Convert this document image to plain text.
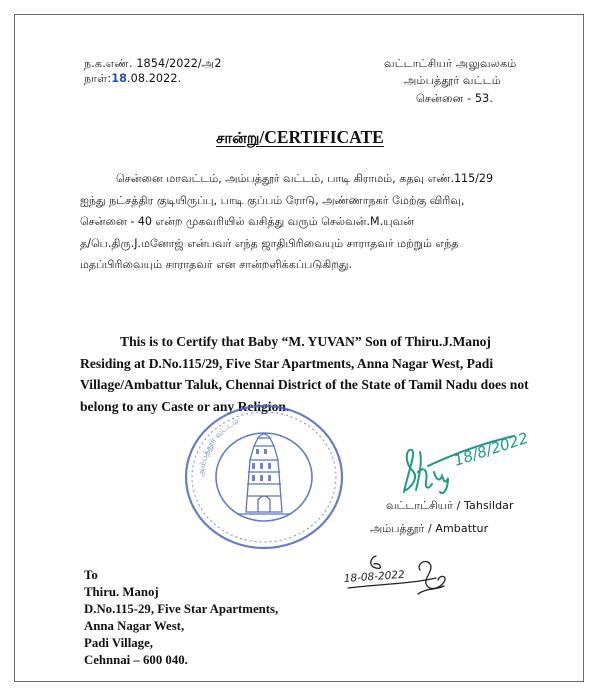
ந.க.எண். 1854/2022/அ2
நாள்:18.08.2022.
வட்டாட்சியர் அலுவலகம்
அம்பத்தூர் வட்டம்
சென்னை - 53.
சான்று/CERTIFICATE
சென்னை மாவட்டம், அம்பத்தூர் வட்டம், பாடி கிராமம், கதவு எண்.115/29
ஐந்து நட்சத்திர குடியிருப்பு, பாடி குப்பம் ரோடு, அண்ணாநகர் மேற்கு விரிவு,
சென்னை - 40 என்ற முகவரியில் வசித்து வரும் செல்வன்.M.யுவன்
த/பெ.திரு.J.மனோஜ் என்பவர் எந்த ஜாதிபிரிவையும் சாராதவர் மற்றும் எந்த
மதப்பிரிவையும் சாராதவர் என சான்றளிக்கப்படுகிறது.
This is to Certify that Baby “M. YUVAN” Son of Thiru.J.Manoj
Residing at D.No.115/29, Five Star Apartments, Anna Nagar West, Padi
Village/Ambattur Taluk, Chennai District of the State of Tamil Nadu does not
belong to any Caste or any Religion.
அம்பத்தூர் வட்டம்
18/8/2022
வட்டாட்சியர் / Tahsildar
அம்பத்தூர் / Ambattur
18-08-2022
To
Thiru. Manoj
D.No.115-29, Five Star Apartments,
Anna Nagar West,
Padi Village,
Cehnnai – 600 040.
